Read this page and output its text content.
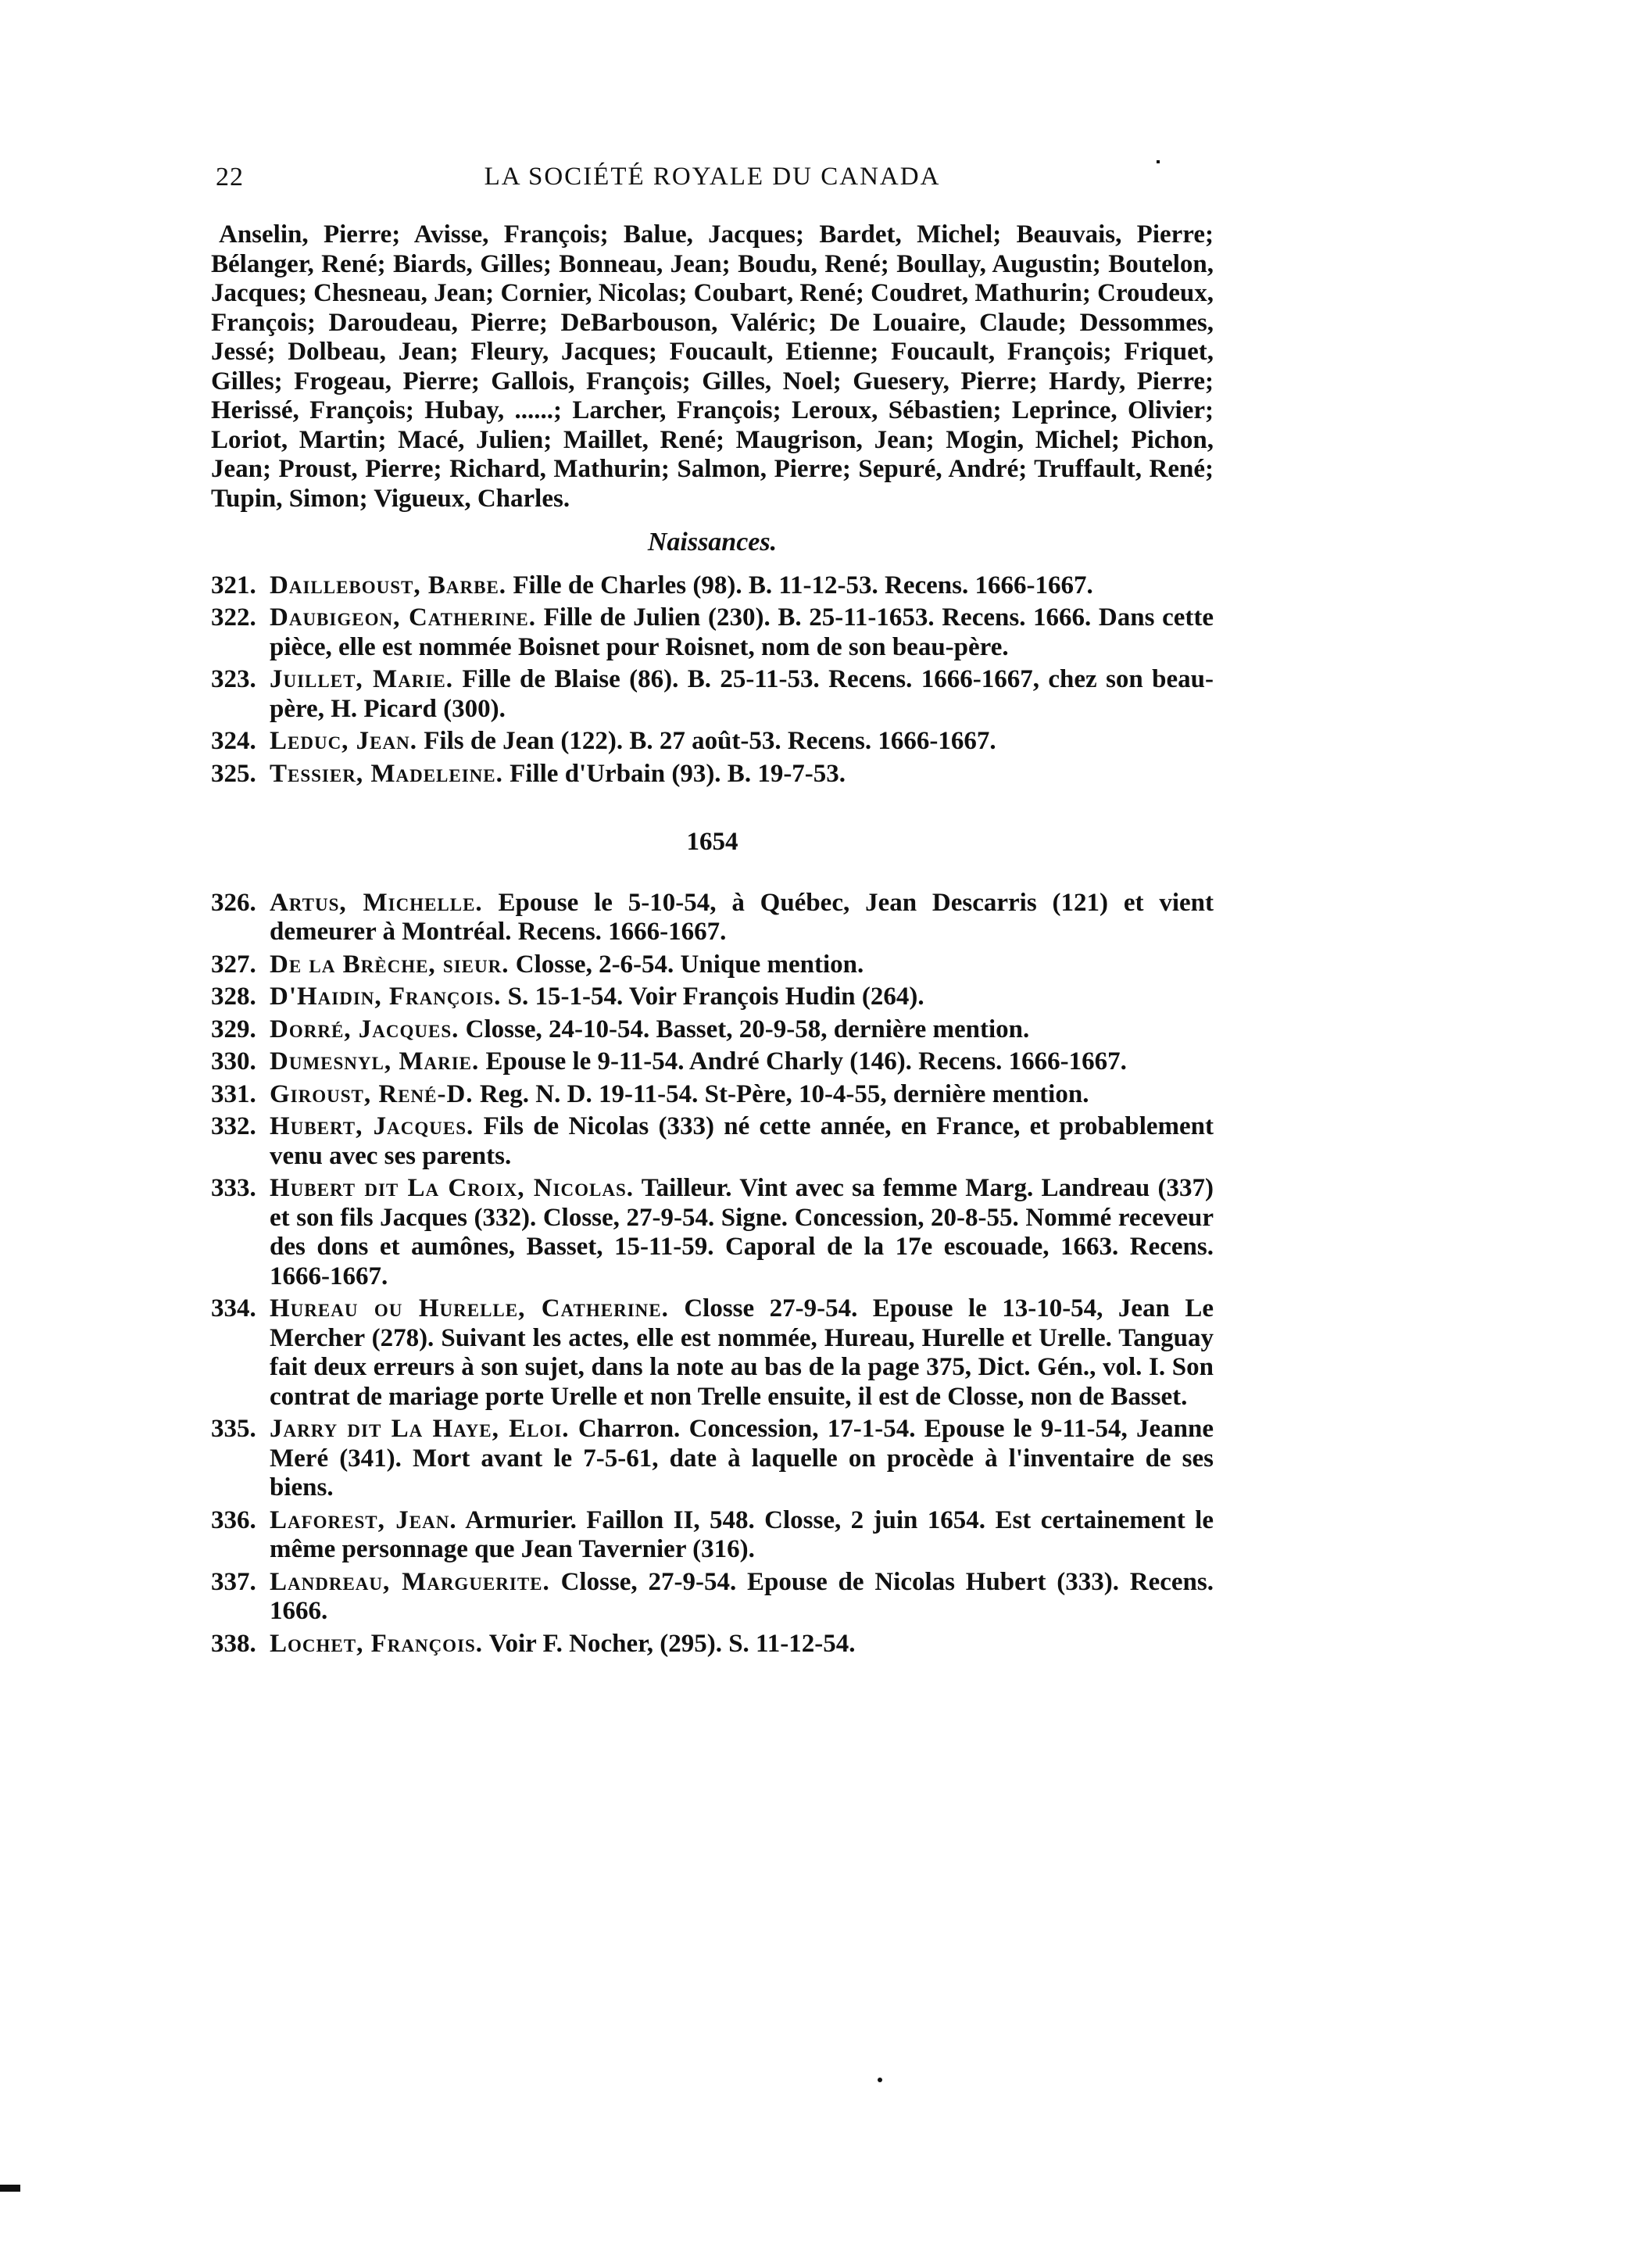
22	LA SOCIÉTÉ ROYALE DU CANADA

Anselin, Pierre; Avisse, François; Balue, Jacques; Bardet, Michel; Beauvais, Pierre; Bélanger, René; Biards, Gilles; Bonneau, Jean; Boudu, René; Boullay, Augustin; Boutelon, Jacques; Chesneau, Jean; Cornier, Nicolas; Coubart, René; Coudret, Mathurin; Croudeux, François; Daroudeau, Pierre; DeBarbouson, Valéric; De Louaire, Claude; Dessommes, Jessé; Dolbeau, Jean; Fleury, Jacques; Foucault, Etienne; Foucault, François; Friquet, Gilles; Frogeau, Pierre; Gallois, François; Gilles, Noel; Guesery, Pierre; Hardy, Pierre; Herissé, François; Hubay, ......; Larcher, François; Leroux, Sébastien; Leprince, Olivier; Loriot, Martin; Macé, Julien; Maillet, René; Maugrison, Jean; Mogin, Michel; Pichon, Jean; Proust, Pierre; Richard, Mathurin; Salmon, Pierre; Sepuré, André; Truffault, René; Tupin, Simon; Vigueux, Charles.

Naissances.
321. Dailleboust, Barbe. Fille de Charles (98). B. 11-12-53. Recens. 1666-1667.
322. Daubigeon, Catherine. Fille de Julien (230). B. 25-11-1653. Recens. 1666. Dans cette pièce, elle est nommée Boisnet pour Roisnet, nom de son beau-père.
323. Juillet, Marie. Fille de Blaise (86). B. 25-11-53. Recens. 1666-1667, chez son beau-père, H. Picard (300).
324. Leduc, Jean. Fils de Jean (122). B. 27 août-53. Recens. 1666-1667.
325. Tessier, Madeleine. Fille d'Urbain (93). B. 19-7-53.
1654
326. Artus, Michelle. Epouse le 5-10-54, à Québec, Jean Descarris (121) et vient demeurer à Montréal. Recens. 1666-1667.
327. De la Brèche, sieur. Closse, 2-6-54. Unique mention.
328. D'Haidin, François. S. 15-1-54. Voir François Hudin (264).
329. Dorré, Jacques. Closse, 24-10-54. Basset, 20-9-58, dernière mention.
330. Dumesnyl, Marie. Epouse le 9-11-54. André Charly (146). Recens. 1666-1667.
331. Giroust, René-D. Reg. N. D. 19-11-54. St-Père, 10-4-55, dernière mention.
332. Hubert, Jacques. Fils de Nicolas (333) né cette année, en France, et probablement venu avec ses parents.
333. Hubert dit La Croix, Nicolas. Tailleur. Vint avec sa femme Marg. Landreau (337) et son fils Jacques (332). Closse, 27-9-54. Signe. Concession, 20-8-55. Nommé receveur des dons et aumônes, Basset, 15-11-59. Caporal de la 17e escouade, 1663. Recens. 1666-1667.
334. Hureau ou Hurelle, Catherine. Closse 27-9-54. Epouse le 13-10-54, Jean Le Mercher (278). Suivant les actes, elle est nommée, Hureau, Hurelle et Urelle. Tanguay fait deux erreurs à son sujet, dans la note au bas de la page 375, Dict. Gén., vol. I. Son contrat de mariage porte Urelle et non Trelle ensuite, il est de Closse, non de Basset.
335. Jarry dit La Haye, Eloi. Charron. Concession, 17-1-54. Epouse le 9-11-54, Jeanne Meré (341). Mort avant le 7-5-61, date à laquelle on procède à l'inventaire de ses biens.
336. Laforest, Jean. Armurier. Faillon II, 548. Closse, 2 juin 1654. Est certainement le même personnage que Jean Tavernier (316).
337. Landreau, Marguerite. Closse, 27-9-54. Epouse de Nicolas Hubert (333). Recens. 1666.
338. Lochet, François. Voir F. Nocher, (295). S. 11-12-54.
